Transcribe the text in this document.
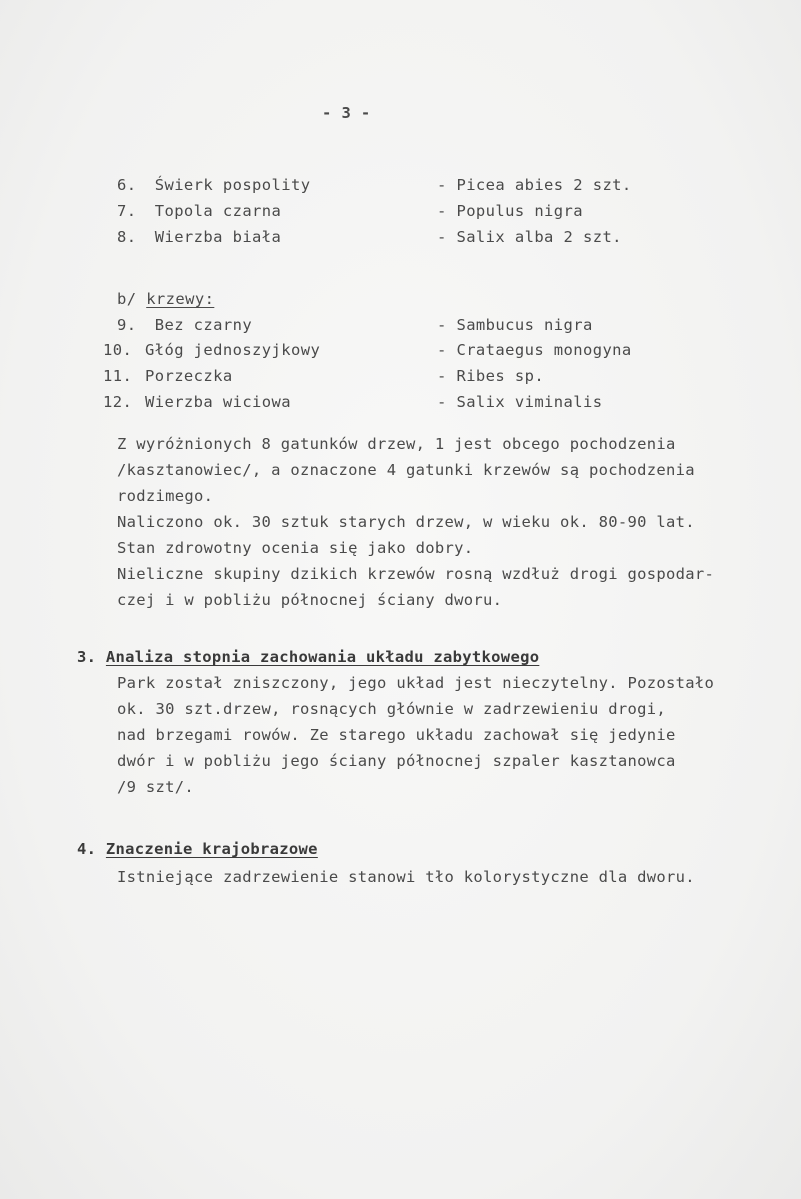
- 3 -
6. Świerk pospolity	- Picea abies 2 szt.
7. Topola czarna	- Populus nigra
8. Wierzba biała	- Salix alba 2 szt.
b/ krzewy:
9. Bez czarny	- Sambucus nigra
10. Głóg jednoszyjkowy	- Crataegus monogyna
11. Porzeczka	- Ribes sp.
12. Wierzba wiciowa	- Salix viminalis
Z wyróżnionych 8 gatunków drzew, 1 jest obcego pochodzenia
/kasztanowiec/, a oznaczone 4 gatunki krzewów są pochodzenia
rodzimego.
Naliczono ok. 30 sztuk starych drzew, w wieku ok. 80-90 lat.
Stan zdrowotny ocenia się jako dobry.
Nieliczne skupiny dzikich krzewów rosną wzdłuż drogi gospodar-
czej i w pobliżu północnej ściany dworu.
3. Analiza stopnia zachowania układu zabytkowego
Park został zniszczony, jego układ jest nieczytelny. Pozostało
ok. 30 szt.drzew, rosnących głównie w zadrzewieniu drogi,
nad brzegami rowów. Ze starego układu zachował się jedynie
dwór i w pobliżu jego ściany północnej szpaler kasztanowca
/9 szt/.
4. Znaczenie krajobrazowe
Istniejące zadrzewienie stanowi tło kolorystyczne dla dworu.
